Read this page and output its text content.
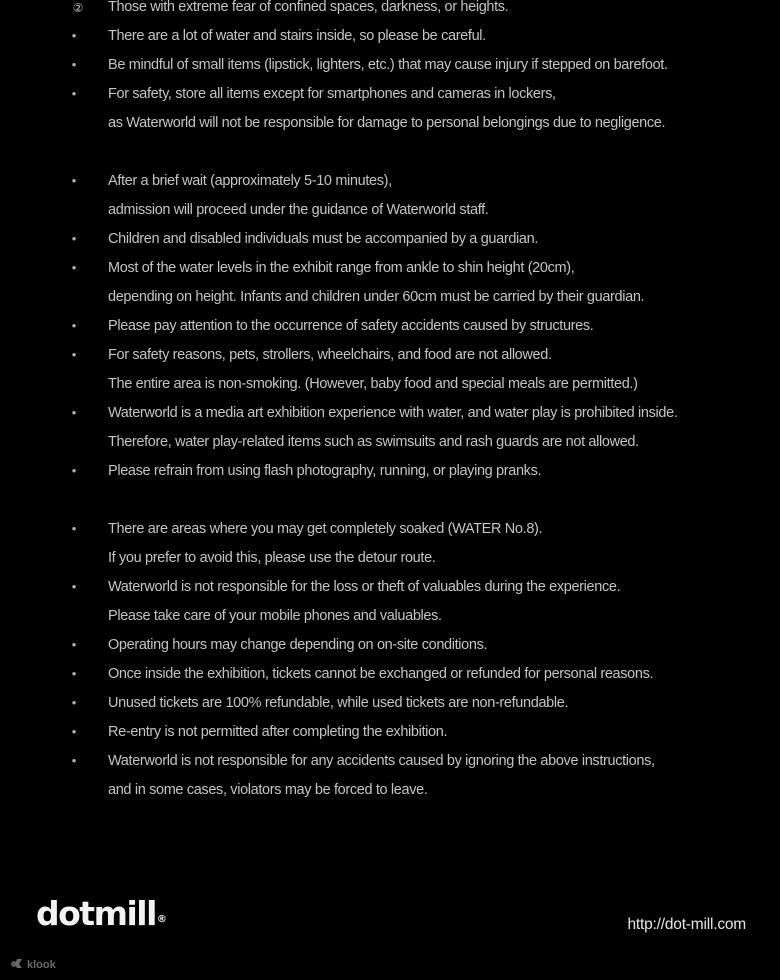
② Those with extreme fear of confined spaces, darkness, or heights.
• There are a lot of water and stairs inside, so please be careful.
• Be mindful of small items (lipstick, lighters, etc.) that may cause injury if stepped on barefoot.
• For safety, store all items except for smartphones and cameras in lockers,
as Waterworld will not be responsible for damage to personal belongings due to negligence.
• After a brief wait (approximately 5-10 minutes),
admission will proceed under the guidance of Waterworld staff.
• Children and disabled individuals must be accompanied by a guardian.
• Most of the water levels in the exhibit range from ankle to shin height (20cm),
depending on height. Infants and children under 60cm must be carried by their guardian.
• Please pay attention to the occurrence of safety accidents caused by structures.
• For safety reasons, pets, strollers, wheelchairs, and food are not allowed.
The entire area is non-smoking. (However, baby food and special meals are permitted.)
• Waterworld is a media art exhibition experience with water, and water play is prohibited inside.
Therefore, water play-related items such as swimsuits and rash guards are not allowed.
• Please refrain from using flash photography, running, or playing pranks.
• There are areas where you may get completely soaked (WATER No.8).
If you prefer to avoid this, please use the detour route.
• Waterworld is not responsible for the loss or theft of valuables during the experience.
Please take care of your mobile phones and valuables.
• Operating hours may change depending on on-site conditions.
• Once inside the exhibition, tickets cannot be exchanged or refunded for personal reasons.
• Unused tickets are 100% refundable, while used tickets are non-refundable.
• Re-entry is not permitted after completing the exhibition.
• Waterworld is not responsible for any accidents caused by ignoring the above instructions,
and in some cases, violators may be forced to leave.
dotmill®	http://dot-mill.com
klook
